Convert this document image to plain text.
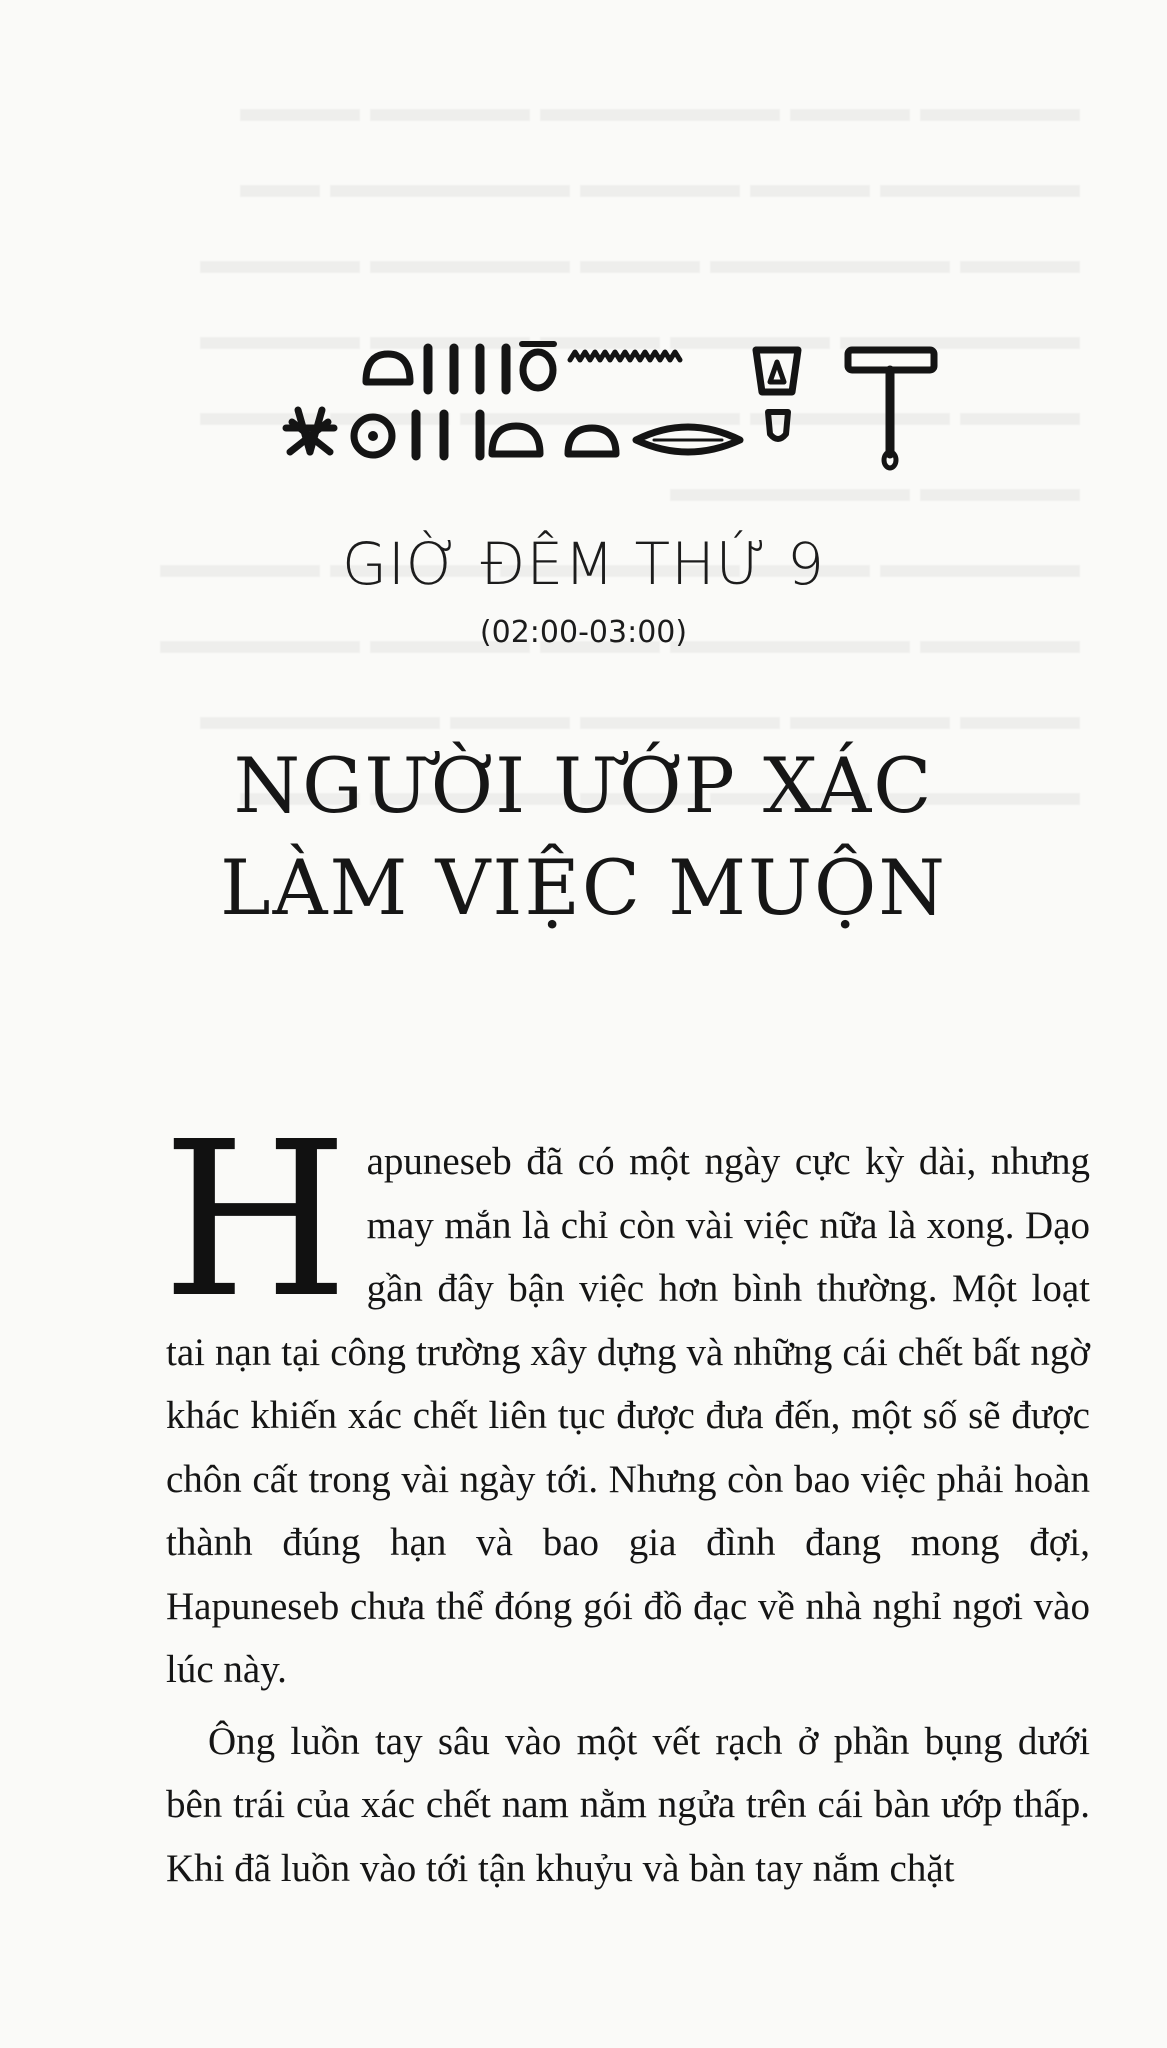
GIỜ ĐÊM THỨ 9
(02:00-03:00)
NGƯỜI ƯỚP XÁC
LÀM VIỆC MUỘN

Hapuneseb đã có một ngày cực kỳ dài, nhưng may mắn là chỉ còn vài việc nữa là xong. Dạo gần đây bận việc hơn bình thường. Một loạt tai nạn tại công trường xây dựng và những cái chết bất ngờ khác khiến xác chết liên tục được đưa đến, một số sẽ được chôn cất trong vài ngày tới. Nhưng còn bao việc phải hoàn thành đúng hạn và bao gia đình đang mong đợi, Hapuneseb chưa thể đóng gói đồ đạc về nhà nghỉ ngơi vào lúc này.

Ông luồn tay sâu vào một vết rạch ở phần bụng dưới bên trái của xác chết nam nằm ngửa trên cái bàn ướp thấp. Khi đã luồn vào tới tận khuỷu và bàn tay nắm chặt
